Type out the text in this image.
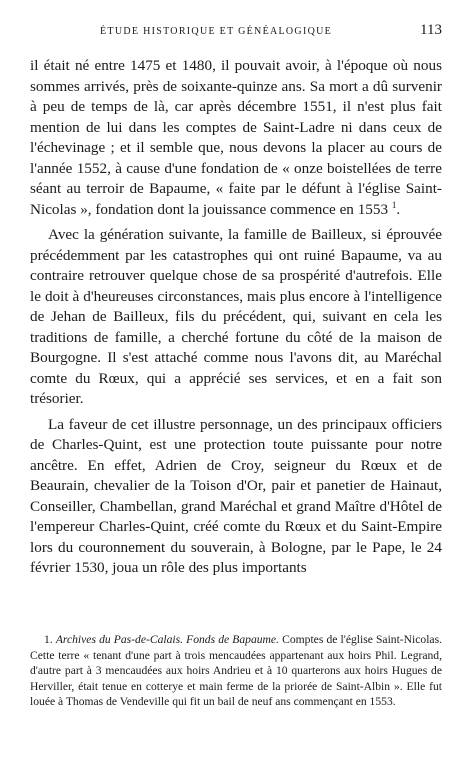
ÉTUDE HISTORIQUE ET GÉNÉALOGIQUE	113

il était né entre 1475 et 1480, il pouvait avoir, à l'époque où nous sommes arrivés, près de soixante-quinze ans. Sa mort a dû survenir à peu de temps de là, car après décembre 1551, il n'est plus fait mention de lui dans les comptes de Saint-Ladre ni dans ceux de l'échevinage ; et il semble que, nous devons la placer au cours de l'année 1552, à cause d'une fondation de « onze boistellées de terre séant au terroir de Bapaume, « faite par le défunt à l'église Saint-Nicolas », fondation dont la jouissance commence en 1553 $^1$.

Avec la génération suivante, la famille de Bailleux, si éprouvée précédemment par les catastrophes qui ont ruiné Bapaume, va au contraire retrouver quelque chose de sa prospérité d'autrefois. Elle le doit à d'heureuses circonstances, mais plus encore à l'intelligence de Jehan de Bailleux, fils du précédent, qui, suivant en cela les traditions de famille, a cherché fortune du côté de la maison de Bourgogne. Il s'est attaché comme nous l'avons dit, au Maréchal comte du Rœux, qui a apprécié ses services, et en a fait son trésorier.

La faveur de cet illustre personnage, un des principaux officiers de Charles-Quint, est une protection toute puissante pour notre ancêtre. En effet, Adrien de Croy, seigneur du Rœux et de Beaurain, chevalier de la Toison d'Or, pair et panetier de Hainaut, Conseiller, Chambellan, grand Maréchal et grand Maître d'Hôtel de l'empereur Charles-Quint, créé comte du Rœux et du Saint-Empire lors du couronnement du souverain, à Bologne, par le Pape, le 24 février 1530, joua un rôle des plus importants

1. Archives du Pas-de-Calais. Fonds de Bapaume. Comptes de l'église Saint-Nicolas. Cette terre « tenant d'une part à trois mencaudées appartenant aux hoirs Phil. Legrand, d'autre part à 3 mencaudées aux hoirs Andrieu et à 10 quarterons aux hoirs Hugues de Herviller, était tenue en cotterye et main ferme de la priorée de Saint-Albin ». Elle fut louée à Thomas de Vendeville qui fit un bail de neuf ans commençant en 1553.
